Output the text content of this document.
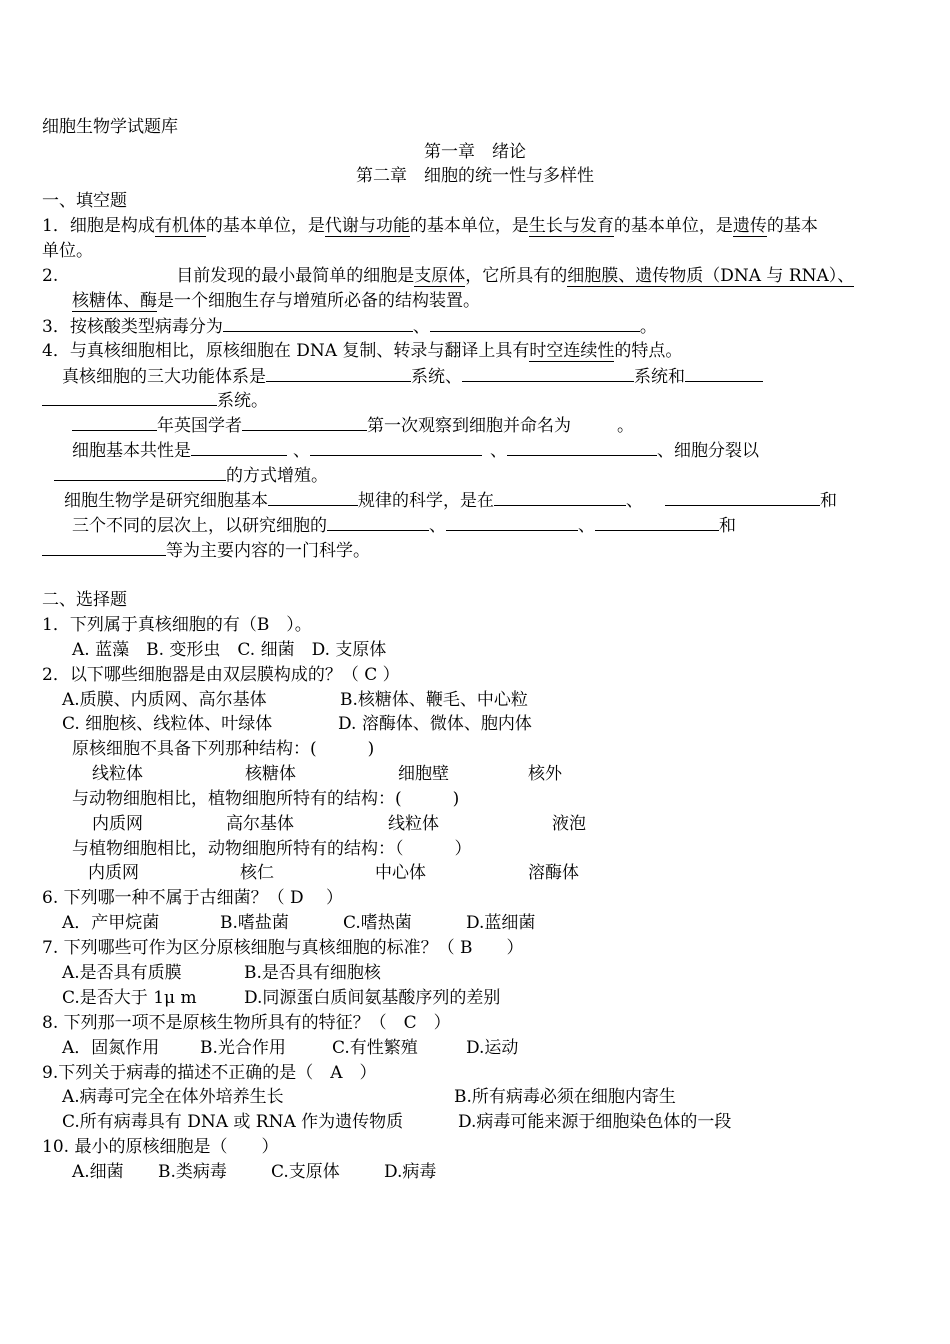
细胞生物学试题库
第一章　绪论
第二章　细胞的统一性与多样性
一、填空题
1．细胞是构成有机体的基本单位，是代谢与功能的基本单位，是生长与发育的基本单位，是遗传的基本
单位。
2.	目前发现的最小最简单的细胞是支原体，它所具有的细胞膜、遗传物质（DNA 与 RNA）、
核糖体、酶是一个细胞生存与增殖所必备的结构装置。
3．按核酸类型病毒分为	、	。
4．与真核细胞相比，原核细胞在 DNA 复制、转录与翻译上具有时空连续性的特点。
真核细胞的三大功能体系是	系统、	系统和
系统。
年英国学者	第一次观察到细胞并命名为	。
细胞基本共性是	、	、	、细胞分裂以
的方式增殖。
细胞生物学是研究细胞基本	规律的科学，是在	、	和
三个不同的层次上，以研究细胞的	、	、	和
等为主要内容的一门科学。
二、选择题
1．下列属于真核细胞的有（B　）。
A. 蓝藻　B. 变形虫　C. 细菌　D. 支原体
2．以下哪些细胞器是由双层膜构成的？（ C ）
A.质膜、内质网、高尔基体	B.核糖体、鞭毛、中心粒
C. 细胞核、线粒体、叶绿体	D. 溶酶体、微体、胞内体
原核细胞不具备下列那种结构：(　　　)
线粒体	核糖体	细胞壁	核外
与动物细胞相比，植物细胞所特有的结构：(　　　)
内质网	高尔基体	线粒体	液泡
与植物细胞相比，动物细胞所特有的结构：（　　　）
内质网	核仁	中心体	溶酶体
6. 下列哪一种不属于古细菌？（ D 　）
A．产甲烷菌	B.嗜盐菌	C.嗜热菌	D.蓝细菌
7. 下列哪些可作为区分原核细胞与真核细胞的标准？（ B　　）
A.是否具有质膜	B.是否具有细胞核
C.是否大于 1μ m	D.同源蛋白质间氨基酸序列的差别
8. 下列那一项不是原核生物所具有的特征？（　C　）
A．固氮作用 B.光合作用	C.有性繁殖	D.运动
9.下列关于病毒的描述不正确的是（　A　）
A.病毒可完全在体外培养生长	B.所有病毒必须在细胞内寄生
C.所有病毒具有 DNA 或 RNA 作为遗传物质	D.病毒可能来源于细胞染色体的一段
10. 最小的原核细胞是（　　）
A.细菌 B.类病毒	C.支原体	D.病毒
